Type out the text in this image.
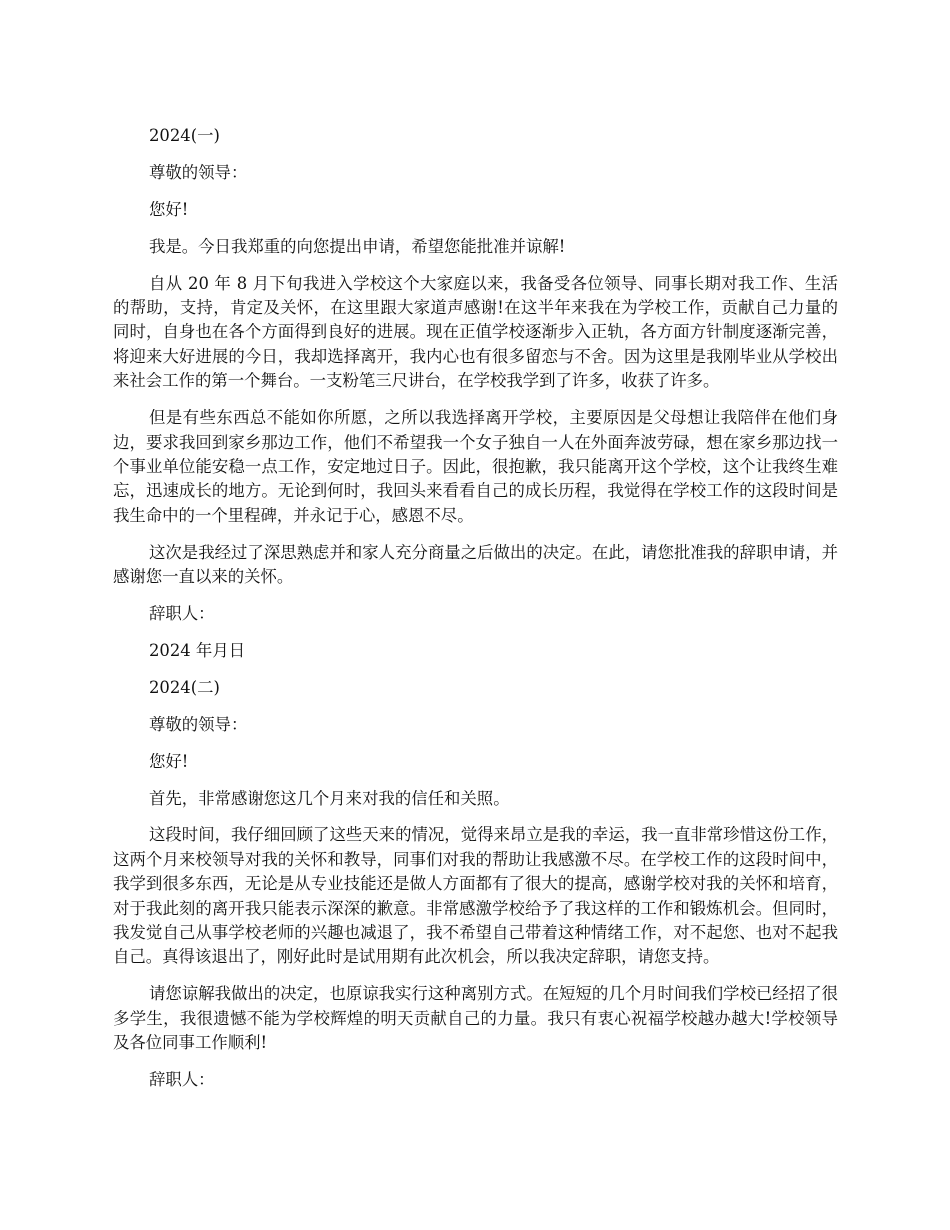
2024(一)

尊敬的领导：

您好!

我是。今日我郑重的向您提出申请，希望您能批准并谅解!

自从 20 年 8 月下旬我进入学校这个大家庭以来，我备受各位领导、同事长期对我工作、生活的帮助，支持，肯定及关怀，在这里跟大家道声感谢!在这半年来我在为学校工作，贡献自己力量的同时，自身也在各个方面得到良好的进展。现在正值学校逐渐步入正轨，各方面方针制度逐渐完善，将迎来大好进展的今日，我却选择离开，我内心也有很多留恋与不舍。因为这里是我刚毕业从学校出来社会工作的第一个舞台。一支粉笔三尺讲台，在学校我学到了许多，收获了许多。

但是有些东西总不能如你所愿，之所以我选择离开学校，主要原因是父母想让我陪伴在他们身边，要求我回到家乡那边工作，他们不希望我一个女子独自一人在外面奔波劳碌，想在家乡那边找一个事业单位能安稳一点工作，安定地过日子。因此，很抱歉，我只能离开这个学校，这个让我终生难忘，迅速成长的地方。无论到何时，我回头来看看自己的成长历程，我觉得在学校工作的这段时间是我生命中的一个里程碑，并永记于心，感恩不尽。

这次是我经过了深思熟虑并和家人充分商量之后做出的决定。在此，请您批准我的辞职申请，并感谢您一直以来的关怀。

辞职人：

2024 年月日

2024(二)

尊敬的领导：

您好!

首先，非常感谢您这几个月来对我的信任和关照。

这段时间，我仔细回顾了这些天来的情况，觉得来昂立是我的幸运，我一直非常珍惜这份工作，这两个月来校领导对我的关怀和教导，同事们对我的帮助让我感激不尽。在学校工作的这段时间中，我学到很多东西，无论是从专业技能还是做人方面都有了很大的提高，感谢学校对我的关怀和培育，对于我此刻的离开我只能表示深深的歉意。非常感激学校给予了我这样的工作和锻炼机会。但同时，我发觉自己从事学校老师的兴趣也减退了，我不希望自己带着这种情绪工作，对不起您、也对不起我自己。真得该退出了，刚好此时是试用期有此次机会，所以我决定辞职，请您支持。

请您谅解我做出的决定，也原谅我实行这种离别方式。在短短的几个月时间我们学校已经招了很多学生，我很遗憾不能为学校辉煌的明天贡献自己的力量。我只有衷心祝福学校越办越大!学校领导及各位同事工作顺利!

辞职人：
